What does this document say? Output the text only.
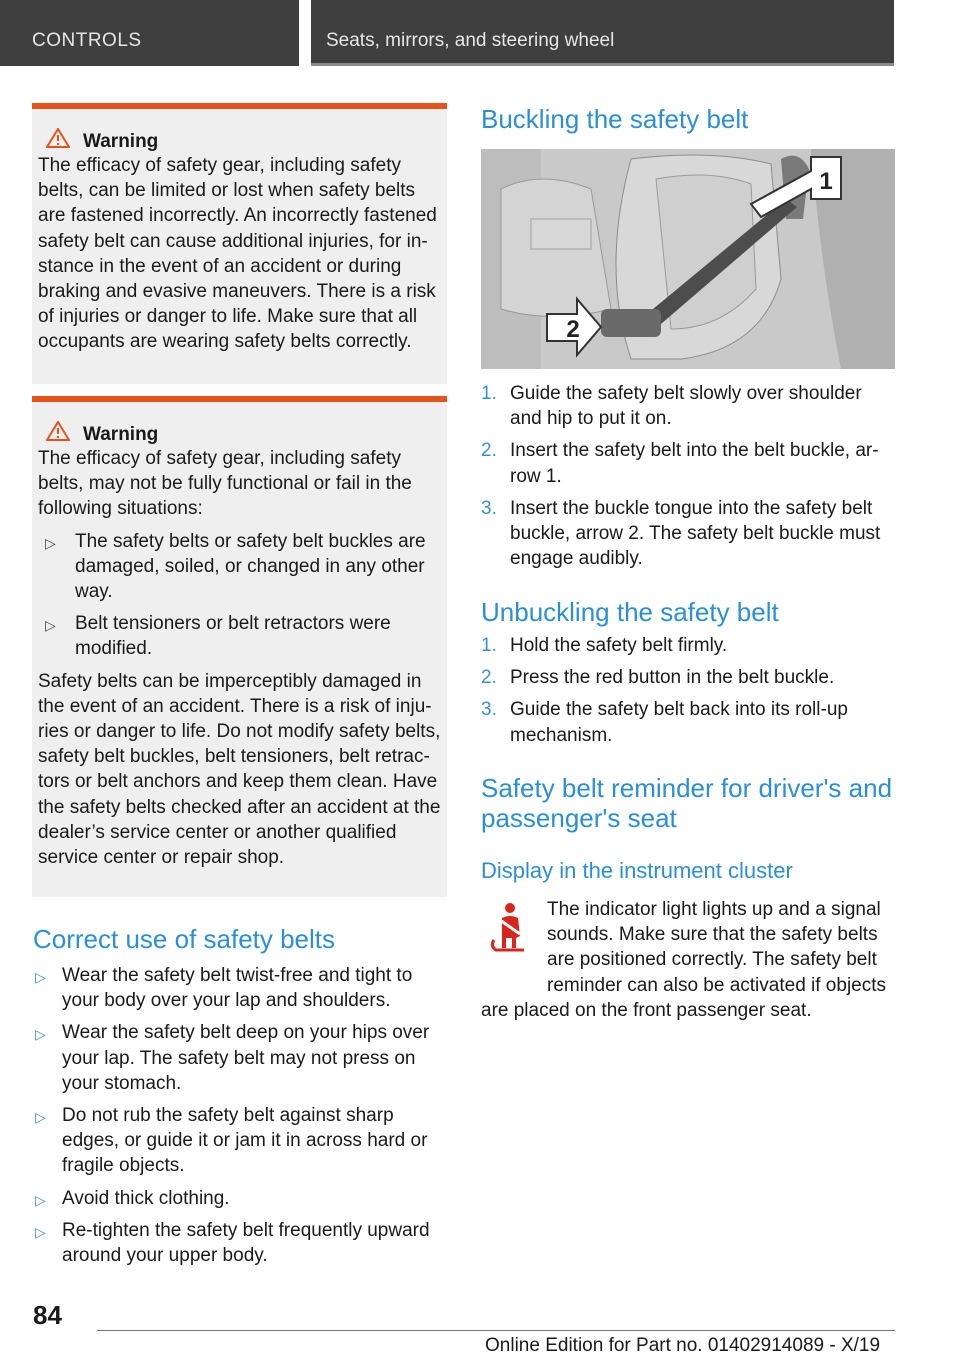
CONTROLS	Seats, mirrors, and steering wheel
Warning

The efficacy of safety gear, including safety belts, can be limited or lost when safety belts are fastened incorrectly. An incorrectly fastened safety belt can cause additional injuries, for in-stance in the event of an accident or during braking and evasive maneuvers. There is a risk of injuries or danger to life. Make sure that all occupants are wearing safety belts correctly.

Warning

The efficacy of safety gear, including safety belts, may not be fully functional or fail in the following situations:

▷ The safety belts or safety belt buckles are damaged, soiled, or changed in any other way.
▷ Belt tensioners or belt retractors were modified.

Safety belts can be imperceptibly damaged in the event of an accident. There is a risk of inju-ries or danger to life. Do not modify safety belts, safety belt buckles, belt tensioners, belt retrac-tors or belt anchors and keep them clean. Have the safety belts checked after an accident at the dealer’s service center or another qualified service center or repair shop.

Correct use of safety belts
▷ Wear the safety belt twist-free and tight to your body over your lap and shoulders.
▷ Wear the safety belt deep on your hips over your lap. The safety belt may not press on your stomach.
▷ Do not rub the safety belt against sharp edges, or guide it or jam it in across hard or fragile objects.
▷ Avoid thick clothing.
▷ Re-tighten the safety belt frequently upward around your upper body.
Buckling the safety belt
1
2
1. Guide the safety belt slowly over shoulder and hip to put it on.
2. Insert the safety belt into the belt buckle, ar-row 1.
3. Insert the buckle tongue into the safety belt buckle, arrow 2. The safety belt buckle must engage audibly.
Unbuckling the safety belt
1. Hold the safety belt firmly.
2. Press the red button in the belt buckle.
3. Guide the safety belt back into its roll-up mechanism.
Safety belt reminder for driver's and passenger's seat
Display in the instrument cluster

The indicator light lights up and a signal sounds. Make sure that the safety belts are positioned correctly. The safety belt reminder can also be activated if objects are placed on the front passenger seat.

84
Online Edition for Part no. 01402914089 - X/19
